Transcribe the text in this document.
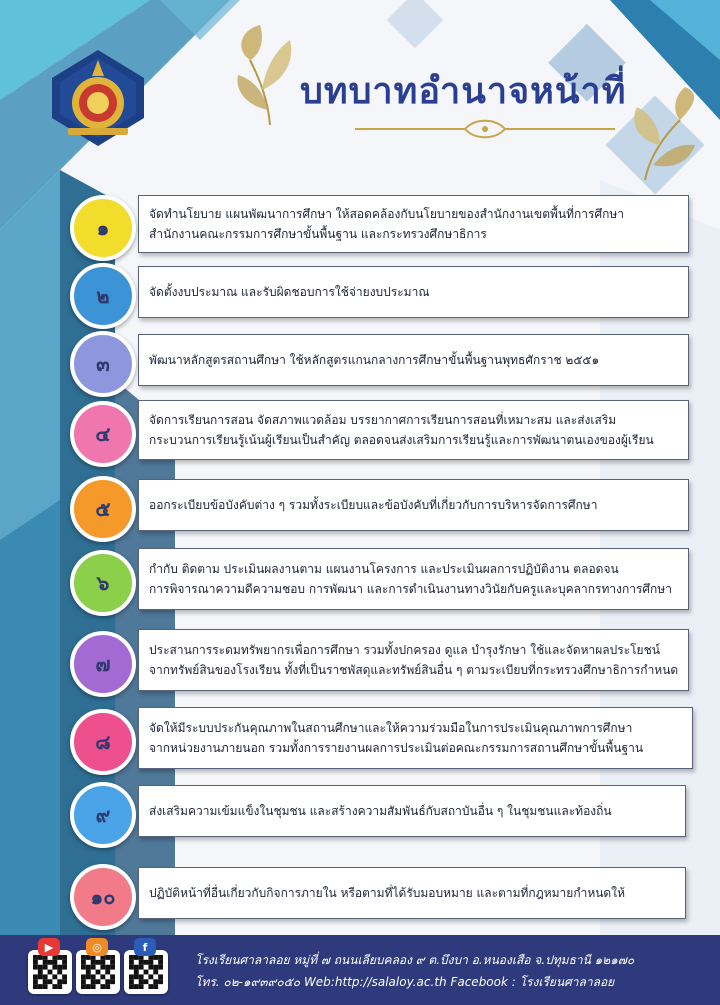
บทบาทอำนาจหน้าที่
๑
จัดทำนโยบาย แผนพัฒนาการศึกษา ให้สอดคล้องกับนโยบายของสำนักงานเขตพื้นที่การศึกษา
สำนักงานคณะกรรมการศึกษาขั้นพื้นฐาน และกระทรวงศึกษาธิการ
๒	จัดตั้งงบประมาณ และรับผิดชอบการใช้จ่ายงบประมาณ
๓	พัฒนาหลักสูตรสถานศึกษา ใช้หลักสูตรแกนกลางการศึกษาขั้นพื้นฐานพุทธศักราช ๒๕๕๑
๔
จัดการเรียนการสอน จัดสภาพแวดล้อม บรรยากาศการเรียนการสอนที่เหมาะสม และส่งเสริม
กระบวนการเรียนรู้เน้นผู้เรียนเป็นสำคัญ ตลอดจนส่งเสริมการเรียนรู้และการพัฒนาตนเองของผู้เรียน
๕	ออกระเบียบข้อบังคับต่าง ๆ รวมทั้งระเบียบและข้อบังคับที่เกี่ยวกับการบริหารจัดการศึกษา
๖
กำกับ ติดตาม ประเมินผลงานตาม แผนงานโครงการ และประเมินผลการปฏิบัติงาน ตลอดจน
การพิจารณาความดีความชอบ การพัฒนา และการดำเนินงานทางวินัยกับครูและบุคลากรทางการศึกษา
๗
ประสานการระดมทรัพยากรเพื่อการศึกษา รวมทั้งปกครอง ดูแล บำรุงรักษา ใช้และจัดหาผลประโยชน์
จากทรัพย์สินของโรงเรียน ทั้งที่เป็นราชพัสดุและทรัพย์สินอื่น ๆ ตามระเบียบที่กระทรวงศึกษาธิการกำหนด
๘
จัดให้มีระบบประกันคุณภาพในสถานศึกษาและให้ความร่วมมือในการประเมินคุณภาพการศึกษา
จากหน่วยงานภายนอก รวมทั้งการรายงานผลการประเมินต่อคณะกรรมการสถานศึกษาขั้นพื้นฐาน
๙	ส่งเสริมความเข้มแข็งในชุมชน และสร้างความสัมพันธ์กับสถาบันอื่น ๆ ในชุมชนและท้องถิ่น
๑๐	ปฏิบัติหน้าที่อื่นเกี่ยวกับกิจการภายใน หรือตามที่ได้รับมอบหมาย และตามที่กฎหมายกำหนดให้
▶	◎	f
โรงเรียนศาลาลอย หมู่ที่ ๗ ถนนเลียบคลอง ๙ ต.บึงบา อ.หนองเสือ จ.ปทุมธานี ๑๒๑๗๐
โทร. ๐๒-๑๙๓๙๐๕๐ Web:http://salaloy.ac.th Facebook : โรงเรียนศาลาลอย
